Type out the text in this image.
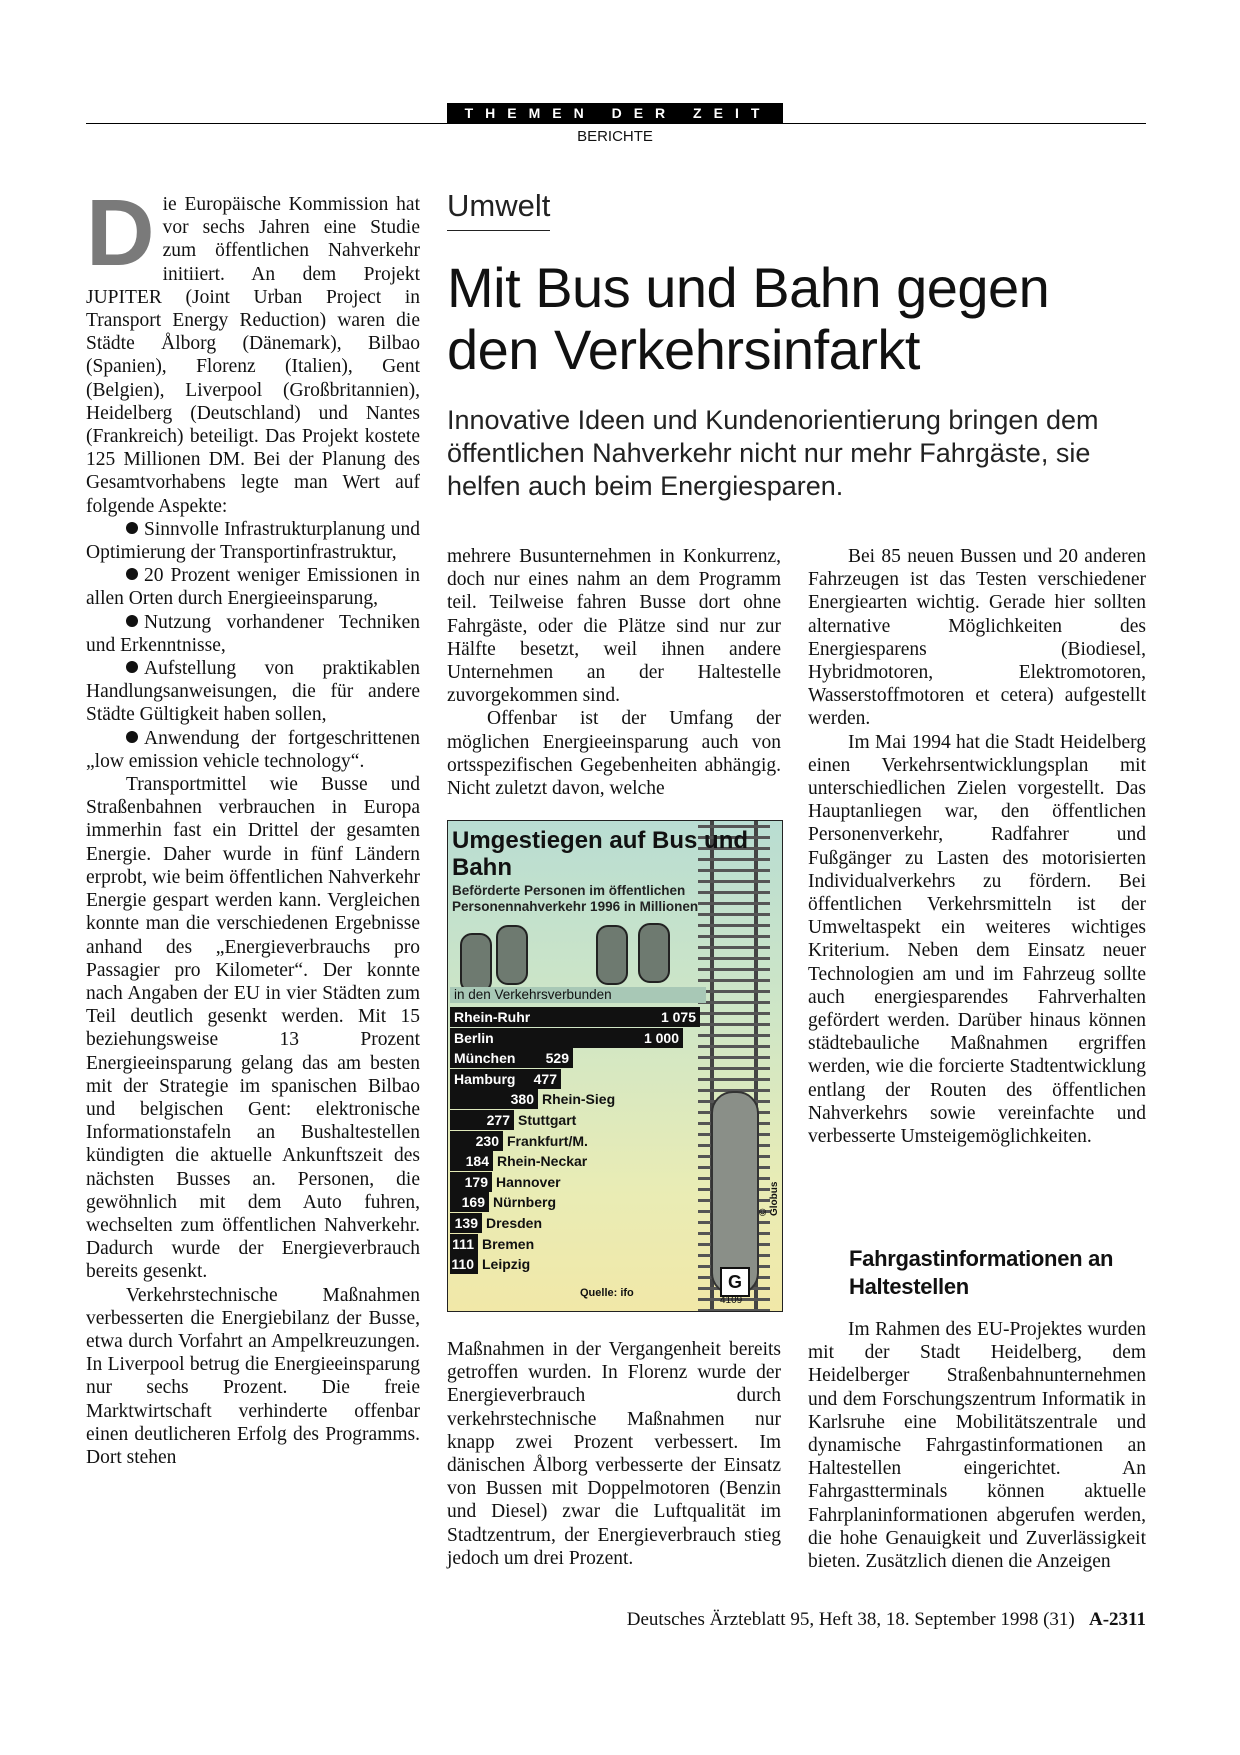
THEMEN DER ZEIT
BERICHTE

Die Europäische Kommission hat vor sechs Jahren eine Studie zum öffentlichen Nahverkehr initiiert. An dem Projekt JUPITER (Joint Urban Project in Transport Energy Reduction) waren die Städte Ålborg (Dänemark), Bilbao (Spanien), Florenz (Italien), Gent (Belgien), Liverpool (Großbritannien), Heidelberg (Deutschland) und Nantes (Frankreich) beteiligt. Das Projekt kostete 125 Millionen DM. Bei der Planung des Gesamtvorhabens legte man Wert auf folgende Aspekte:

Sinnvolle Infrastrukturplanung und Optimierung der Transportinfrastruktur,

20 Prozent weniger Emissionen in allen Orten durch Energieeinsparung,

Nutzung vorhandener Techniken und Erkenntnisse,

Aufstellung von praktikablen Handlungsanweisungen, die für andere Städte Gültigkeit haben sollen,

Anwendung der fortgeschrittenen „low emission vehicle technology“.

Transportmittel wie Busse und Straßenbahnen verbrauchen in Europa immerhin fast ein Drittel der gesamten Energie. Daher wurde in fünf Ländern erprobt, wie beim öffentlichen Nahverkehr Energie gespart werden kann. Vergleichen konnte man die verschiedenen Ergebnisse anhand des „Energieverbrauchs pro Passagier pro Kilometer“. Der konnte nach Angaben der EU in vier Städten zum Teil deutlich gesenkt werden. Mit 15 beziehungsweise 13 Prozent Energieeinsparung gelang das am besten mit der Strategie im spanischen Bilbao und belgischen Gent: elektronische Informationstafeln an Bushaltestellen kündigten die aktuelle Ankunftszeit des nächsten Busses an. Personen, die gewöhnlich mit dem Auto fuhren, wechselten zum öffentlichen Nahverkehr. Dadurch wurde der Energieverbrauch bereits gesenkt.

Verkehrstechnische Maßnahmen verbesserten die Energiebilanz der Busse, etwa durch Vorfahrt an Ampelkreuzungen. In Liverpool betrug die Energieeinsparung nur sechs Prozent. Die freie Marktwirtschaft verhinderte offenbar einen deutlicheren Erfolg des Programms. Dort stehen

Umwelt
Mit Bus und Bahn gegen den Verkehrsinfarkt
Innovative Ideen und Kundenorientierung bringen dem öffentlichen Nahverkehr nicht nur mehr Fahrgäste, sie helfen auch beim Energiesparen.

mehrere Busunternehmen in Konkurrenz, doch nur eines nahm an dem Programm teil. Teilweise fahren Busse dort ohne Fahrgäste, oder die Plätze sind nur zur Hälfte besetzt, weil ihnen andere Unternehmen an der Haltestelle zuvorgekommen sind.

Offenbar ist der Umfang der möglichen Energieeinsparung auch von ortsspezifischen Gegebenheiten abhängig. Nicht zuletzt davon, welche

Umgestiegen auf Bus und Bahn
Beförderte Personen im öffentlichen Personennahverkehr 1996 in Millionen
in den Verkehrsverbunden
Rhein-Ruhr	1 075
Berlin	1 000
München 529
Hamburg 477
380 Rhein-Sieg
277 Stuttgart
230 Frankfurt/M.
184 Rhein-Neckar
179 Hannover
169 Nürnberg
139 Dresden
111 Bremen
110 Leipzig
Quelle: ifo
© Globus
G
4109

Maßnahmen in der Vergangenheit bereits getroffen wurden. In Florenz wurde der Energieverbrauch durch verkehrstechnische Maßnahmen nur knapp zwei Prozent verbessert. Im dänischen Ålborg verbesserte der Einsatz von Bussen mit Doppelmotoren (Benzin und Diesel) zwar die Luftqualität im Stadtzentrum, der Energieverbrauch stieg jedoch um drei Prozent.

Bei 85 neuen Bussen und 20 anderen Fahrzeugen ist das Testen verschiedener Energiearten wichtig. Gerade hier sollten alternative Möglichkeiten des Energiesparens (Biodiesel, Hybridmotoren, Elektromotoren, Wasserstoffmotoren et cetera) aufgestellt werden.

Im Mai 1994 hat die Stadt Heidelberg einen Verkehrsentwicklungsplan mit unterschiedlichen Zielen vorgestellt. Das Hauptanliegen war, den öffentlichen Personenverkehr, Radfahrer und Fußgänger zu Lasten des motorisierten Individualverkehrs zu fördern. Bei öffentlichen Verkehrsmitteln ist der Umweltaspekt ein weiteres wichtiges Kriterium. Neben dem Einsatz neuer Technologien am und im Fahrzeug sollte auch energiesparendes Fahrverhalten gefördert werden. Darüber hinaus können städtebauliche Maßnahmen ergriffen werden, wie die forcierte Stadtentwicklung entlang der Routen des öffentlichen Nahverkehrs sowie vereinfachte und verbesserte Umsteigemöglichkeiten.

Fahrgastinformationen an Haltestellen

Im Rahmen des EU-Projektes wurden mit der Stadt Heidelberg, dem Heidelberger Straßenbahnunternehmen und dem Forschungszentrum Informatik in Karlsruhe eine Mobilitätszentrale und dynamische Fahrgastinformationen an Haltestellen eingerichtet. An Fahrgastterminals können aktuelle Fahrplaninformationen abgerufen werden, die hohe Genauigkeit und Zuverlässigkeit bieten. Zusätzlich dienen die Anzeigen

Deutsches Ärzteblatt 95, Heft 38, 18. September 1998 (31) A-2311
